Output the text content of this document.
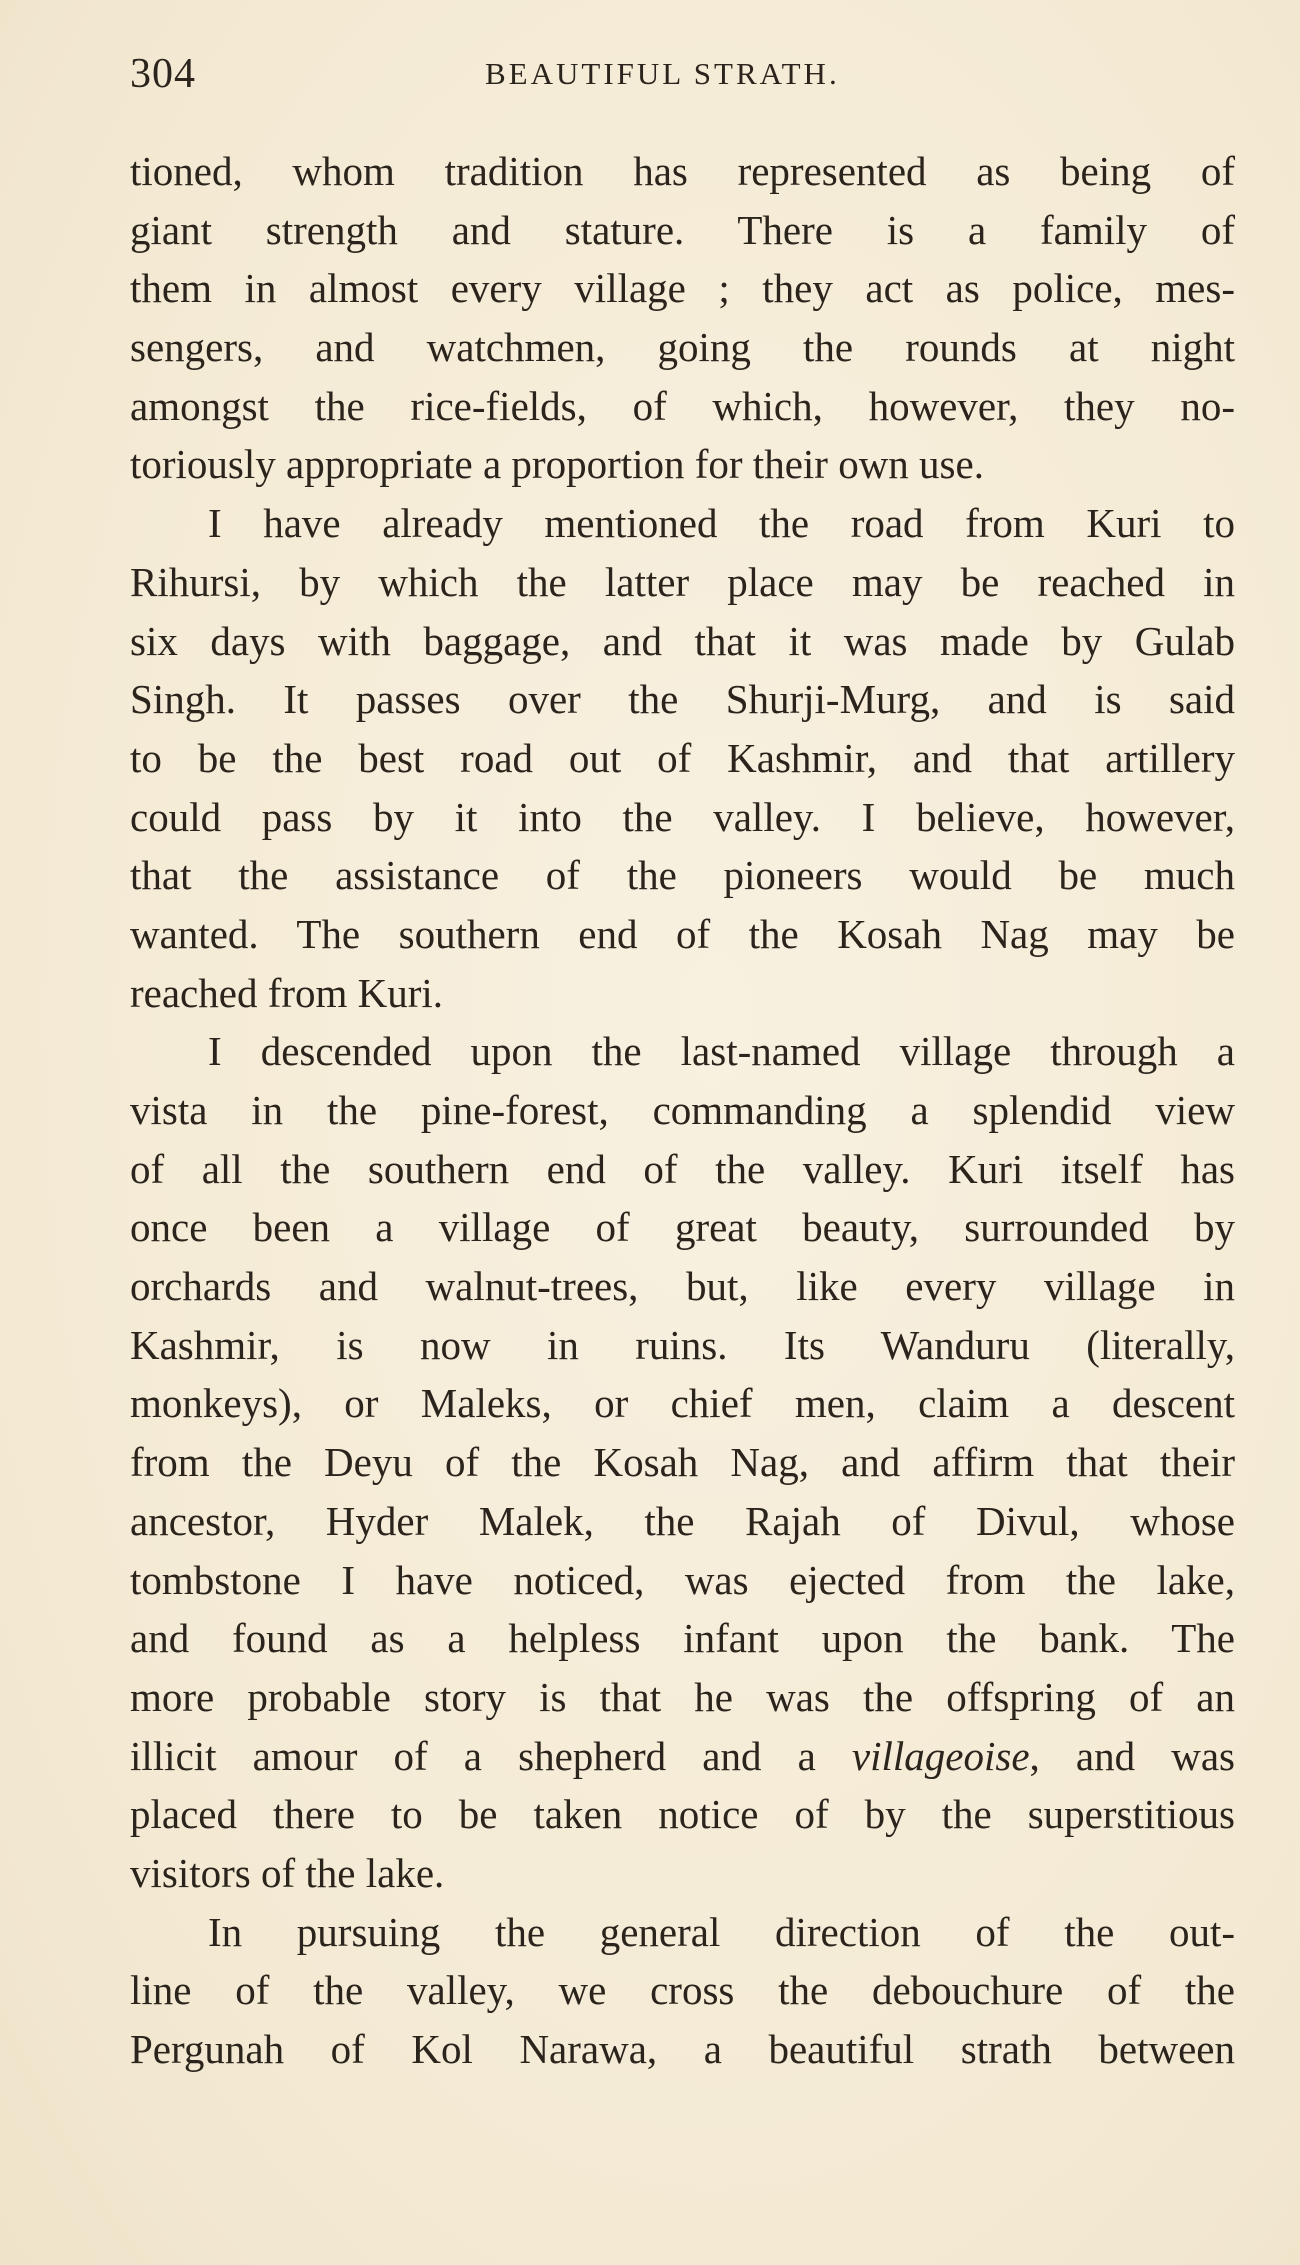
304	BEAUTIFUL STRATH.
tioned, whom tradition has represented as being of
giant strength and stature. There is a family of
them in almost every village ; they act as police, mes-
sengers, and watchmen, going the rounds at night
amongst the rice-fields, of which, however, they no-
toriously appropriate a proportion for their own use.
I have already mentioned the road from Kuri to
Rihursi, by which the latter place may be reached in
six days with baggage, and that it was made by Gulab
Singh. It passes over the Shurji-Murg, and is said
to be the best road out of Kashmir, and that artillery
could pass by it into the valley. I believe, however,
that the assistance of the pioneers would be much
wanted. The southern end of the Kosah Nag may be
reached from Kuri.
I descended upon the last-named village through a
vista in the pine-forest, commanding a splendid view
of all the southern end of the valley. Kuri itself has
once been a village of great beauty, surrounded by
orchards and walnut-trees, but, like every village in
Kashmir, is now in ruins. Its Wanduru (literally,
monkeys), or Maleks, or chief men, claim a descent
from the Deyu of the Kosah Nag, and affirm that their
ancestor, Hyder Malek, the Rajah of Divul, whose
tombstone I have noticed, was ejected from the lake,
and found as a helpless infant upon the bank. The
more probable story is that he was the offspring of an
illicit amour of a shepherd and a villageoise, and was
placed there to be taken notice of by the superstitious
visitors of the lake.
In pursuing the general direction of the out-
line of the valley, we cross the debouchure of the
Pergunah of Kol Narawa, a beautiful strath between
